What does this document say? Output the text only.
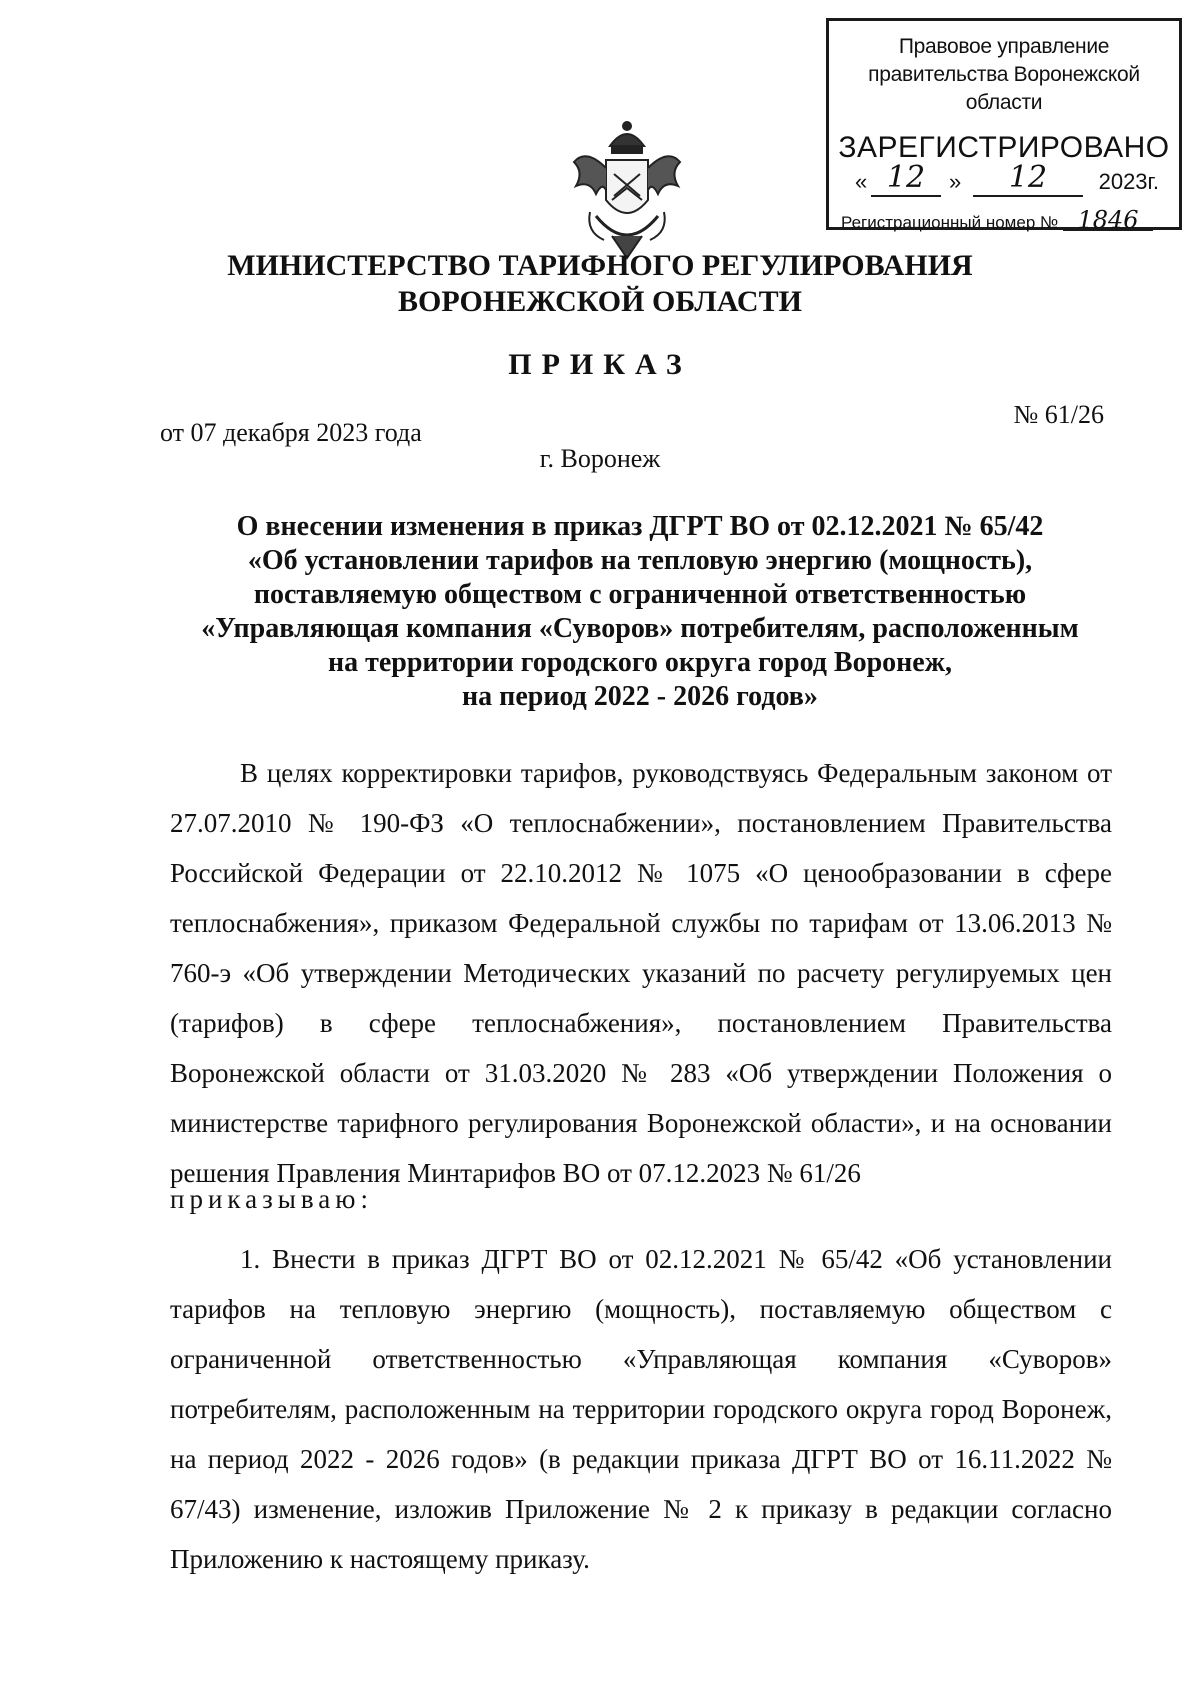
Правовое управление правительства Воронежской области
ЗАРЕГИСТРИРОВАНО
« 12	»	12	2023г.
Регистрационный номер № 1846
МИНИСТЕРСТВО ТАРИФНОГО РЕГУЛИРОВАНИЯ
ВОРОНЕЖСКОЙ ОБЛАСТИ
ПРИКАЗ
от 07 декабря 2023 года
№ 61/26
г. Воронеж
О внесении изменения в приказ ДГРТ ВО от 02.12.2021 № 65/42
«Об установлении тарифов на тепловую энергию (мощность),
поставляемую обществом с ограниченной ответственностью
«Управляющая компания «Суворов» потребителям, расположенным
на территории городского округа город Воронеж,
на период 2022 - 2026 годов»

В целях корректировки тарифов, руководствуясь Федеральным законом от 27.07.2010 № 190-ФЗ «О теплоснабжении», постановлением Правительства Российской Федерации от 22.10.2012 № 1075 «О ценообразовании в сфере теплоснабжения», приказом Федеральной службы по тарифам от 13.06.2013 № 760-э «Об утверждении Методических указаний по расчету регулируемых цен (тарифов) в сфере теплоснабжения», постановлением Правительства Воронежской области от 31.03.2020 № 283 «Об утверждении Положения о министерстве тарифного регулирования Воронежской области», и на основании решения Правления Минтарифов ВО от 07.12.2023 № 61/26

приказываю:

1. Внести в приказ ДГРТ ВО от 02.12.2021 № 65/42 «Об установлении тарифов на тепловую энергию (мощность), поставляемую обществом с ограниченной ответственностью «Управляющая компания «Суворов» потребителям, расположенным на территории городского округа город Воронеж, на период 2022 - 2026 годов» (в редакции приказа ДГРТ ВО от 16.11.2022 № 67/43) изменение, изложив Приложение № 2 к приказу в редакции согласно Приложению к настоящему приказу.
